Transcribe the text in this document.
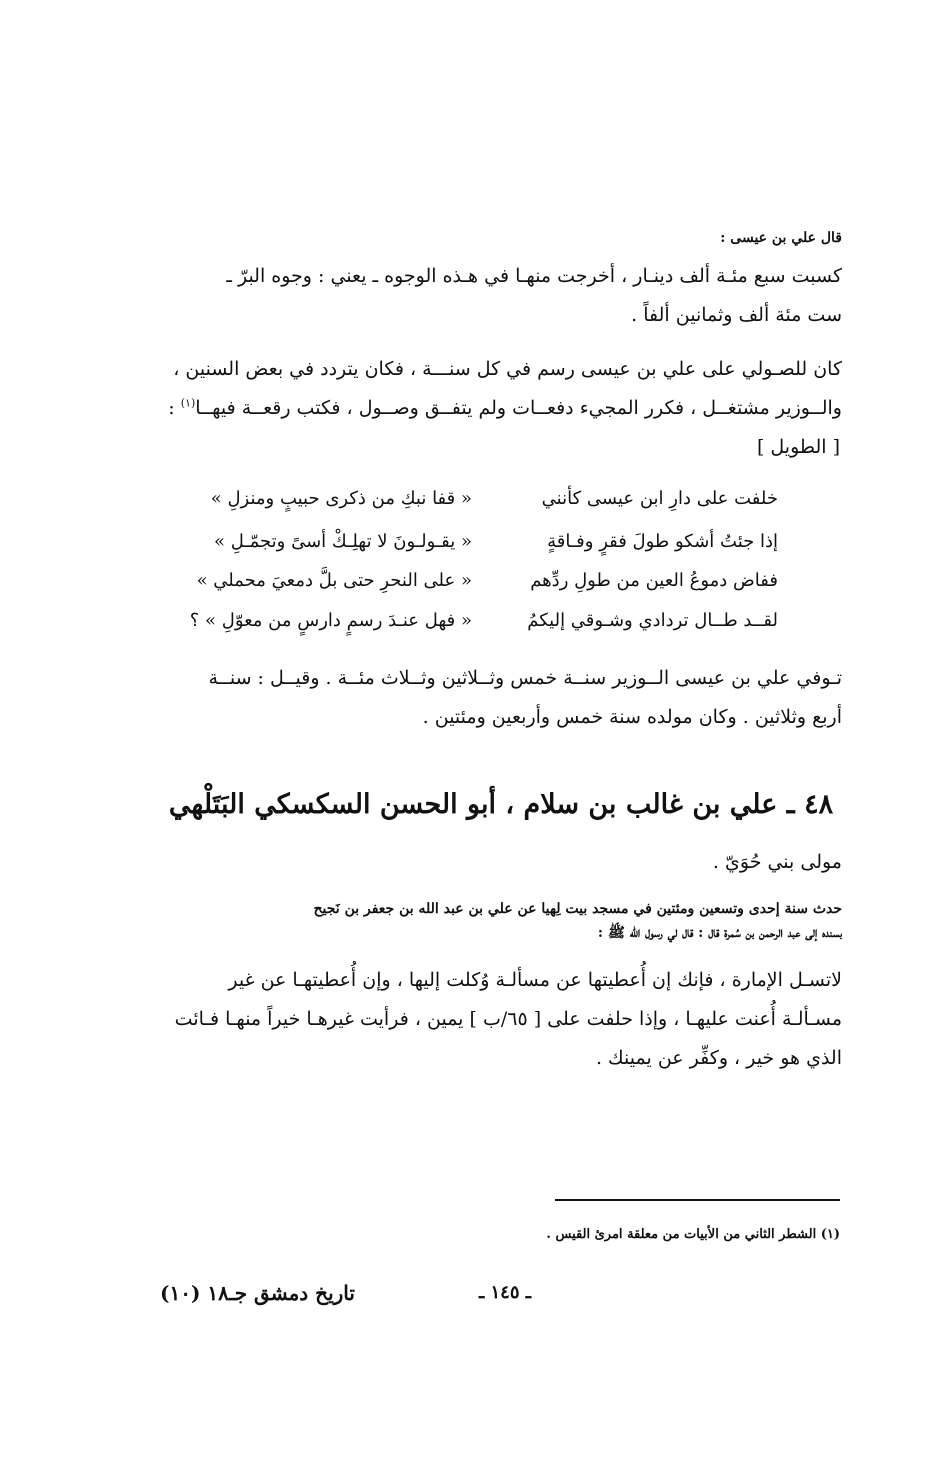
قال علي بن عيسى :
كسبت سبع مئـة ألف دينـار ، أخرجت منهـا في هـذه الوجوه ـ يعني : وجوه البرّ ـ
ست مئة ألف وثمانين ألفاً .
كان للصـولي على علي بن عيسى رسم في كل سنـــة ، فكان يتردد في بعض السنين ،
والــوزير مشتغــل ، فكرر المجيء دفعــات ولم يتفــق وصــول ، فكتب رقعــة فيهــا$^{(١)}$ :
[ الطويل ]
خلفت على دارِ ابن عيسى كأنني
« قفا نبكِ من ذكرى حبيبٍ ومنزلِ »
إذا جئتُ أشكو طولَ فقرٍ وفـاقةٍ
« يقـولـونَ لا تهلِـكْ أسىً وتجمّـلِ »
ففاض دموعُ العين من طولِ ردِّهم
« على النحرِ حتى بلَّ دمعيَ محملي »
لقــد طــال تردادي وشـوقي إليكمُ
« فهل عنـدَ رسمٍ دارسٍ من معوّلِ » ؟
تـوفي علي بن عيسى الــوزير سنــة خمس وثــلاثين وثــلاث مئــة . وقيــل : سنــة
أربع وثلاثين . وكان مولده سنة خمس وأربعين ومئتين .
٤٨ ـ علي بن غالب بن سلام ، أبو الحسن السكسكي البَتَلْهي
مولى بني حُوَيّ .
حدث سنة إحدى وتسعين ومئتين في مسجد بيت لِهيا عن علي بن عبد الله بن جعفر بن نَجيح
بسنده إلى عبد الرحمن بن سُمرة قال : قال لي رسول الله ﷺ :
لاتسـل الإمارة ، فإنك إن أُعطيتها عن مسألـة وُكلت إليها ، وإن أُعطيتهـا عن غير
مسـألـة أُعنت عليهـا ، وإذا حلفت على [ ٦٥/ب ] يمين ، فرأيت غيرهـا خيراً منهـا فـائت
الذي هو خير ، وكفِّر عن يمينك .
(١) الشطر الثاني من الأبيات من معلقة امرئ القيس .
ـ ١٤٥ ـ
تاريخ دمشق جـ١٨ (١٠)
